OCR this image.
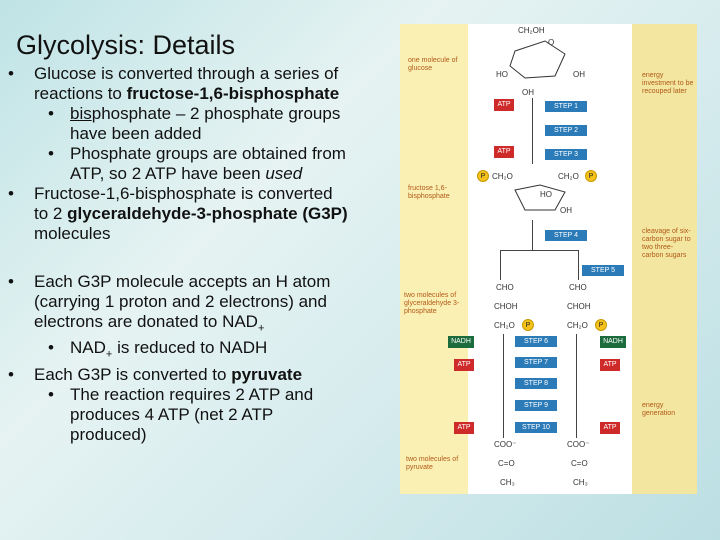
Glycolysis: Details

• Glucose is converted through a series of
reactions to fructose-1,6-bisphosphate

• bisphosphate – 2 phosphate groups
have been added

• Phosphate groups are obtained from
ATP, so 2 ATP have been used

• Fructose-1,6-bisphosphate is converted
to 2 glyceraldehyde-3-phosphate (G3P)
molecules

• Each G3P molecule accepts an H atom
(carrying 1 proton and 2 electrons) and
electrons are donated to $NAD_+$

• $NAD_+$ is reduced to NADH

• Each G3P is converted to pyruvate

• The reaction requires 2 ATP and
produces 4 ATP (net 2 ATP
produced)

one molecule of glucose
fructose 1,6-bisphosphate
two molecules of glyceraldehyde 3-phosphate
two molecules of pyruvate
energy investment to be recouped later
cleavage of six-carbon sugar to two three-carbon sugars
energy generation
CH₂OH
O
HO	OH
OH
STEP 1
STEP 2
STEP 3
ATP
ATP
P CH₂O	CH₂O	P
HO
OH
STEP 4
STEP 5
CHO	CHO
CHOH	CHOH
CH₂O	P	CH₂O	P
STEP 6
STEP 7
STEP 8
STEP 9
STEP 10
NADH	NADH
ATP	ATP
ATP	ATP
COO⁻	COO⁻
C=O	C=O
CH₃	CH₃
